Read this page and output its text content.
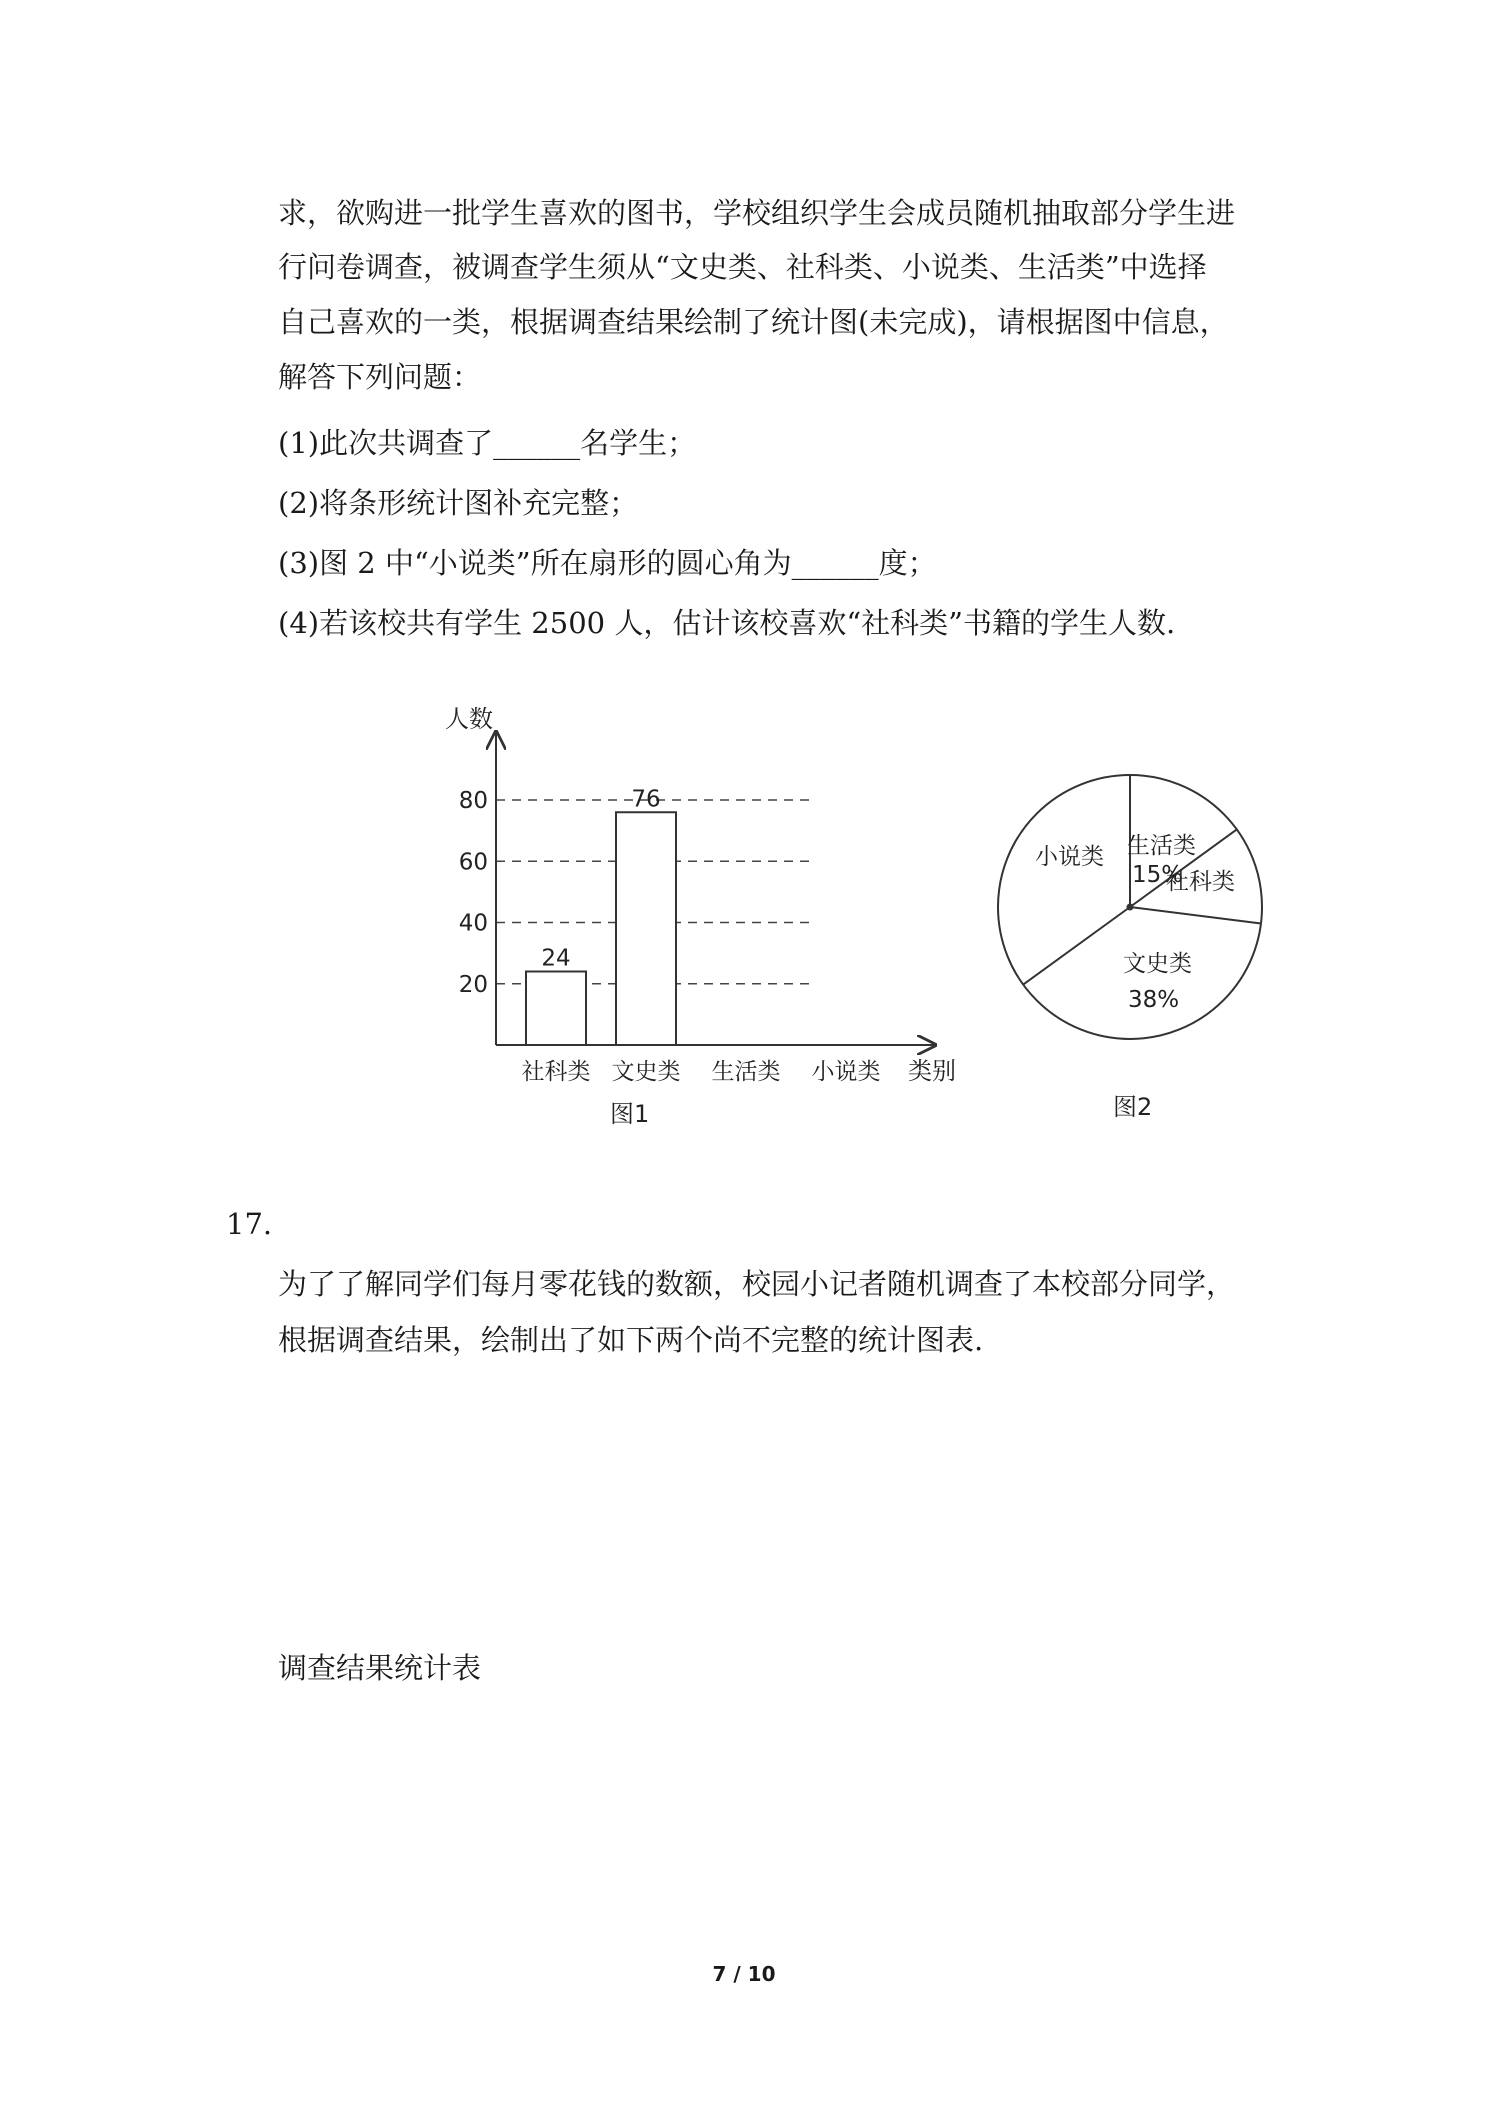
求，欲购进一批学生喜欢的图书，学校组织学生会成员随机抽取部分学生进
行问卷调查，被调查学生须从“文史类、社科类、小说类、生活类”中选择
自己喜欢的一类，根据调查结果绘制了统计图(未完成)，请根据图中信息，
解答下列问题：
(1)此次共调查了______名学生；
(2)将条形统计图补充完整；
(3)图 2 中“小说类”所在扇形的圆心角为______度；
(4)若该校共有学生 2500 人，估计该校喜欢“社科类”书籍的学生人数.
24
76
20
40
60
80
社科类 文史类 生活类 小说类
人数
类别
图1
生活类
15%
社科类
文史类
38%
小说类
图2
17.
为了了解同学们每月零花钱的数额，校园小记者随机调查了本校部分同学，
根据调查结果，绘制出了如下两个尚不完整的统计图表.
调查结果统计表
7 / 10
